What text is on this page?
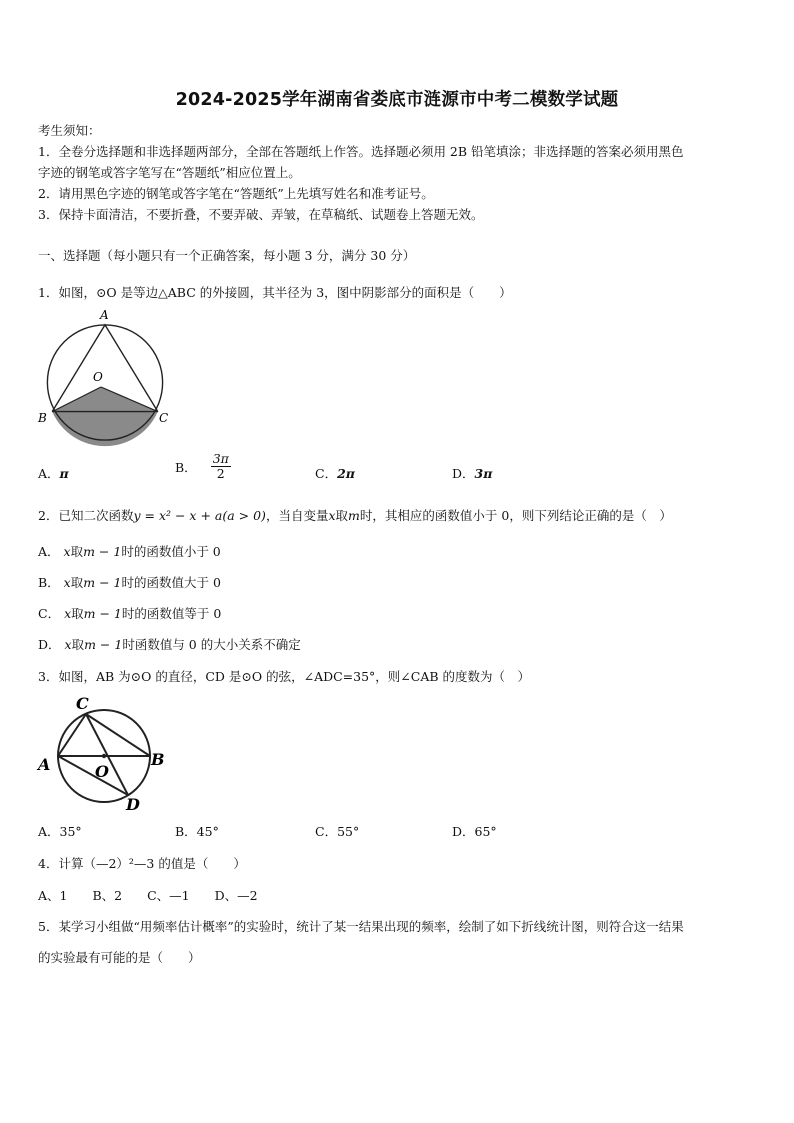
2024-2025学年湖南省娄底市涟源市中考二模数学试题
考生须知：
1．全卷分选择题和非选择题两部分，全部在答题纸上作答。选择题必须用 2B 铅笔填涂；非选择题的答案必须用黑色
字迹的钢笔或答字笔写在“答题纸”相应位置上。
2．请用黑色字迹的钢笔或答字笔在“答题纸”上先填写姓名和准考证号。
3．保持卡面清洁，不要折叠，不要弄破、弄皱，在草稿纸、试题卷上答题无效。
一、选择题（每小题只有一个正确答案，每小题 3 分，满分 30 分）
1．如图，⊙O 是等边△ABC 的外接圆，其半径为 3，图中阴影部分的面积是（　　）
A
O
B	C
A．π	B． $\frac{3\pi}{2}$	C．2π	D．3π
2．已知二次函数y = x² − x + a(a > 0)，当自变量x取m时，其相应的函数值小于 0，则下列结论正确的是（　）
A． x取m − 1时的函数值小于 0
B． x取m − 1时的函数值大于 0
C． x取m − 1时的函数值等于 0
D． x取m − 1时函数值与 0 的大小关系不确定
3．如图，AB 为⊙O 的直径，CD 是⊙O 的弦，∠ADC=35°，则∠CAB 的度数为（　）
C
A	B
O
D
A．35°	B．45°	C．55°	D．65°
4．计算（—2）²—3 的值是（　　）
A、1　　B、2　　C、—1　　D、—2
5．某学习小组做“用频率估计概率”的实验时，统计了某一结果出现的频率，绘制了如下折线统计图，则符合这一结果
的实验最有可能的是（　　）
